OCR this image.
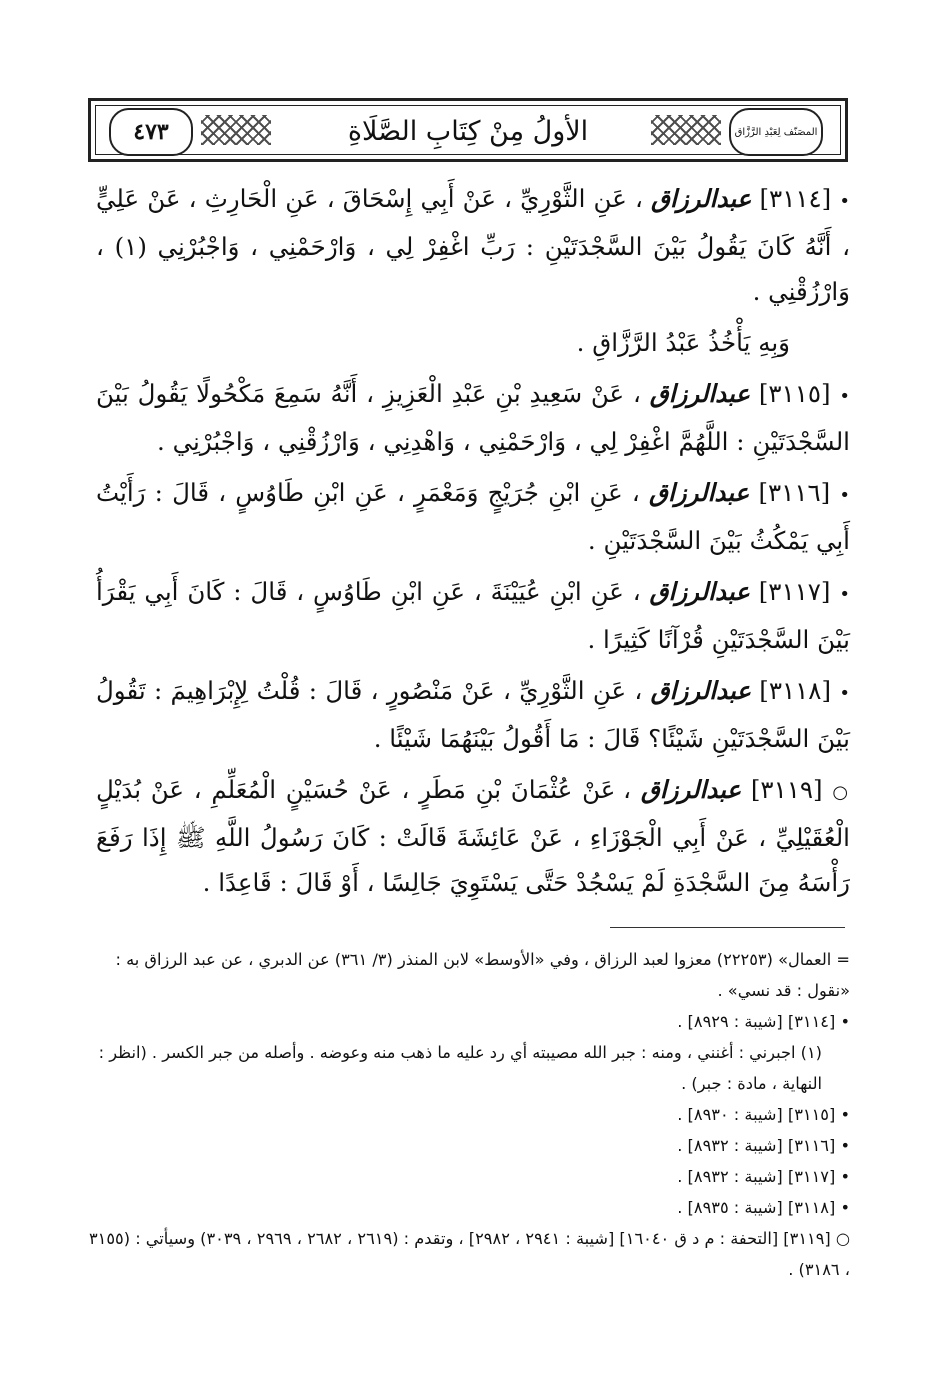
٤٧٣	الأولُ مِنْ كِتَابِ الصَّلَاةِ	المصَنّف لِعَبْدِ الرَّزَّاق
• [٣١١٤] عبدالرزاق ، عَنِ الثَّوْرِيِّ ، عَنْ أَبِي إِسْحَاقَ ، عَنِ الْحَارِثِ ، عَنْ عَلِيٍّ ، أَنَّهُ كَانَ يَقُولُ بَيْنَ السَّجْدَتَيْنِ : رَبِّ اغْفِرْ لِي ، وَارْحَمْنِي ، وَاجْبُرْنِي (١) ، وَارْزُقْنِي .
وَبِهِ يَأْخُذُ عَبْدُ الرَّزَّاقِ .
• [٣١١٥] عبدالرزاق ، عَنْ سَعِيدِ بْنِ عَبْدِ الْعَزِيزِ ، أَنَّهُ سَمِعَ مَكْحُولًا يَقُولُ بَيْنَ السَّجْدَتَيْنِ : اللَّهُمَّ اغْفِرْ لِي ، وَارْحَمْنِي ، وَاهْدِنِي ، وَارْزُقْنِي ، وَاجْبُرْنِي .
• [٣١١٦] عبدالرزاق ، عَنِ ابْنِ جُرَيْجٍ وَمَعْمَرٍ ، عَنِ ابْنِ طَاوُسٍ ، قَالَ : رَأَيْتُ أَبِي يَمْكُثُ بَيْنَ السَّجْدَتَيْنِ .
• [٣١١٧] عبدالرزاق ، عَنِ ابْنِ عُيَيْنَةَ ، عَنِ ابْنِ طَاوُسٍ ، قَالَ : كَانَ أَبِي يَقْرَأُ بَيْنَ السَّجْدَتَيْنِ قُرْآنًا كَثِيرًا .
• [٣١١٨] عبدالرزاق ، عَنِ الثَّوْرِيِّ ، عَنْ مَنْصُورٍ ، قَالَ : قُلْتُ لِإِبْرَاهِيمَ : تَقُولُ بَيْنَ السَّجْدَتَيْنِ شَيْئًا؟ قَالَ : مَا أَقُولُ بَيْنَهُمَا شَيْئًا .
○ [٣١١٩] عبدالرزاق ، عَنْ عُثْمَانَ بْنِ مَطَرٍ ، عَنْ حُسَيْنٍ الْمُعَلِّمِ ، عَنْ بُدَيْلٍ الْعُقَيْلِيِّ ، عَنْ أَبِي الْجَوْزَاءِ ، عَنْ عَائِشَةَ قَالَتْ : كَانَ رَسُولُ اللَّهِ ﷺ إِذَا رَفَعَ رَأْسَهُ مِنَ السَّجْدَةِ لَمْ يَسْجُدْ حَتَّى يَسْتَوِيَ جَالِسًا ، أَوْ قَالَ : قَاعِدًا .

= العمال» (٢٢٢٥٣) معزوا لعبد الرزاق ، وفي «الأوسط» لابن المنذر (٣/ ٣٦١) عن الدبري ، عن عبد الرزاق به : «نقول : قد نسي» .

• [٣١١٤] [شيبة : ٨٩٢٩] .

(١) اجبرني : أغنني ، ومنه : جبر الله مصيبته أي رد عليه ما ذهب منه وعوضه . وأصله من جبر الكسر . (انظر : النهاية ، مادة : جبر) .

• [٣١١٥] [شيبة : ٨٩٣٠] .

• [٣١١٦] [شيبة : ٨٩٣٢] .

• [٣١١٧] [شيبة : ٨٩٣٢] .

• [٣١١٨] [شيبة : ٨٩٣٥] .

○ [٣١١٩] [التحفة : م د ق ١٦٠٤٠] [شيبة : ٢٩٤١ ، ٢٩٨٢] ، وتقدم : (٢٦١٩ ، ٢٦٨٢ ، ٢٩٦٩ ، ٣٠٣٩) وسيأتي : (٣١٥٥ ، ٣١٨٦) .
